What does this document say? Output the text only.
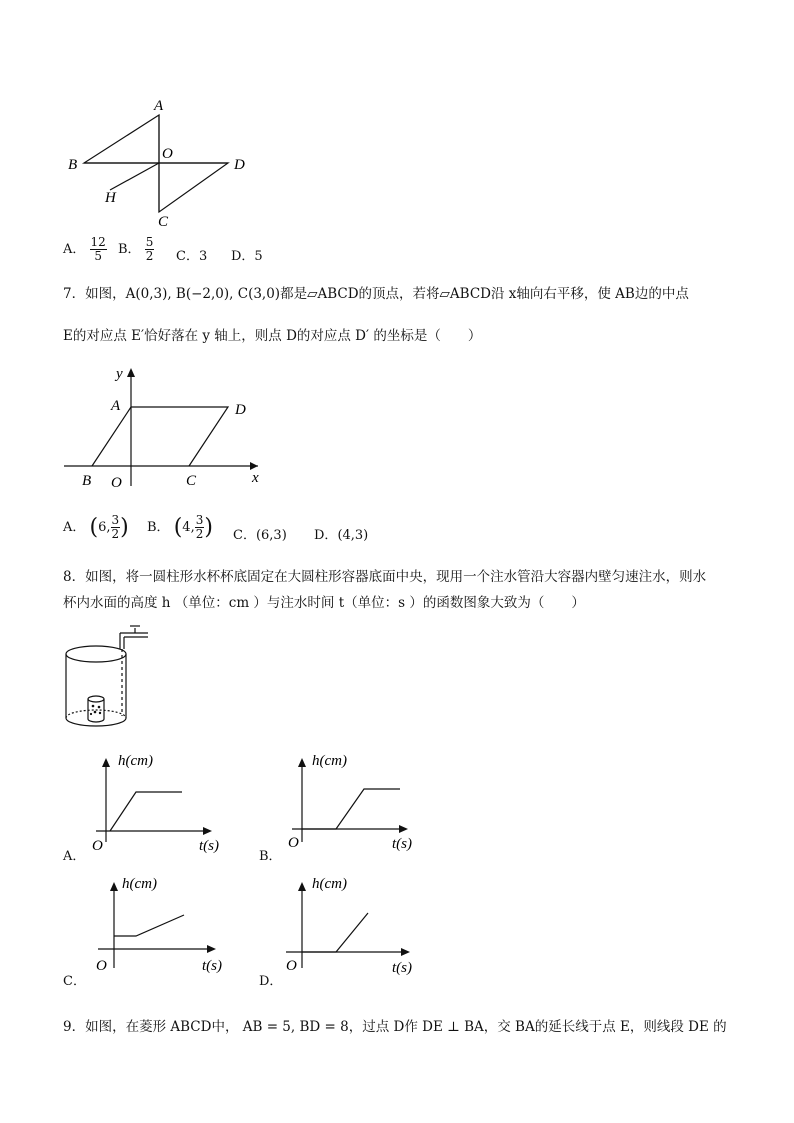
A
B
O
D
H
C
A． $\frac{12}{5}$ B． $\frac{5}{2}$ C．3 D．5
7．如图，A(0,3), B(−2,0), C(3,0)都是▱ABCD的顶点，若将▱ABCD沿 x轴向右平移，使 AB边的中点
E的对应点 E′恰好落在 y 轴上，则点 D的对应点 D′ 的坐标是（　　）
y
x
A	D
B O	C
A． (6, $\frac{3}{2}$ ) B． (4, $\frac{3}{2}$ ) C．(6,3) D．(4,3)
8．如图，将一圆柱形水杯杯底固定在大圆柱形容器底面中央，现用一个注水管沿大容器内壁匀速注水，则水
杯内水面的高度 h （单位：cm ）与注水时间 t（单位：s ）的函数图象大致为（　　）
h(cm)
O	t(s)
A．
h(cm)
O	t(s)
B．
h(cm)
O	t(s)
C．
h(cm)
O	t(s)
D．
9．如图，在菱形 ABCD中， AB = 5, BD = 8，过点 D作 DE ⊥ BA，交 BA的延长线于点 E，则线段 DE 的
